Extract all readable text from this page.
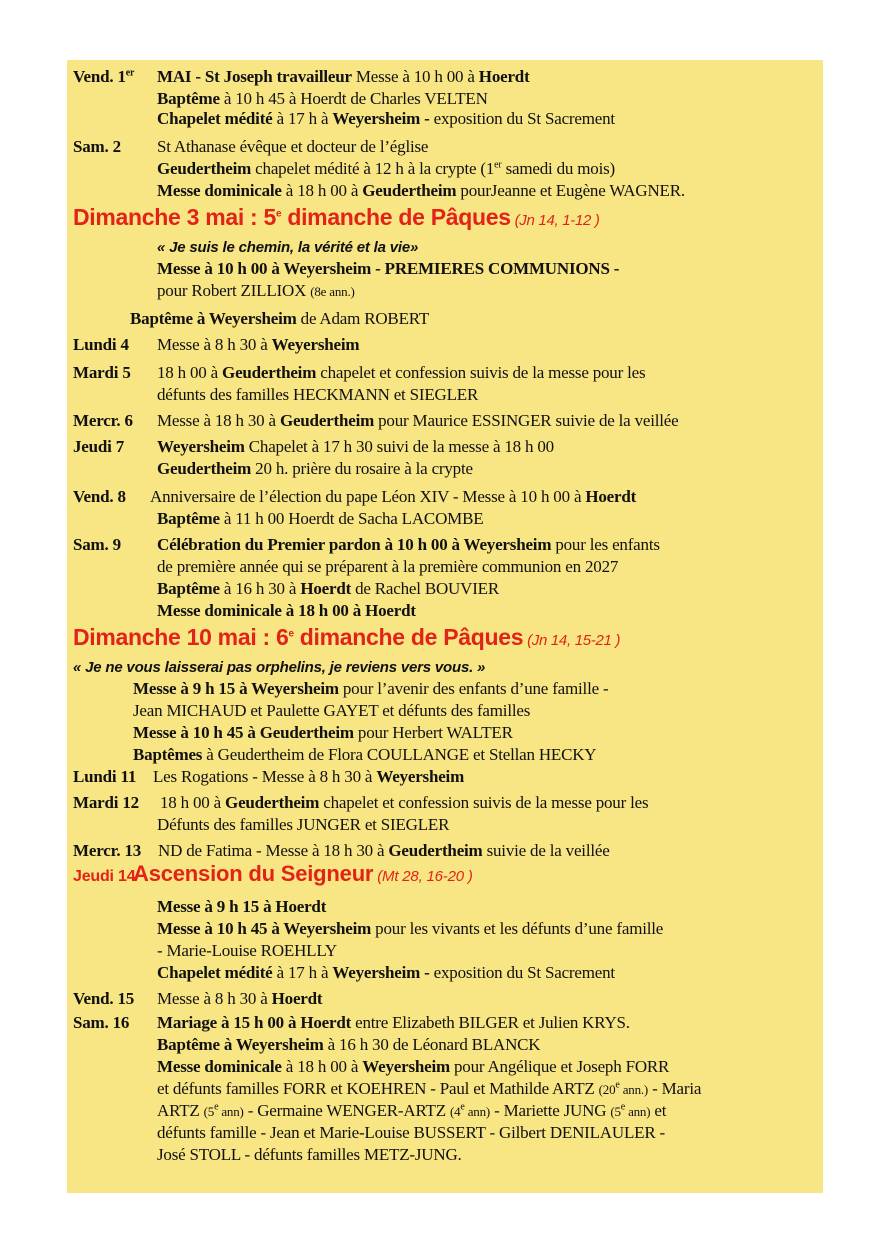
Vend. 1er MAI - St Joseph travailleur Messe à 10 h 00 à Hoerdt
Baptême à 10 h 45 à Hoerdt de Charles VELTEN
Chapelet médité à 17 h à Weyersheim - exposition du St Sacrement
Sam. 2 St Athanase évêque et docteur de l’église
Geudertheim chapelet médité à 12 h à la crypte (1er samedi du mois)
Messe dominicale à 18 h 00 à Geudertheim pourJeanne et Eugène WAGNER.
Dimanche 3 mai : 5e dimanche de Pâques (Jn 14, 1-12 )
« Je suis le chemin, la vérité et la vie»
Messe à 10 h 00 à Weyersheim - PREMIERES COMMUNIONS -
pour Robert ZILLIOX (8e ann.)
Baptême à Weyersheim de Adam ROBERT
Lundi 4 Messe à 8 h 30 à Weyersheim
Mardi 5 18 h 00 à Geudertheim chapelet et confession suivis de la messe pour les
défunts des familles HECKMANN et SIEGLER
Mercr. 6 Messe à 18 h 30 à Geudertheim pour Maurice ESSINGER suivie de la veillée
Jeudi 7 Weyersheim Chapelet à 17 h 30 suivi de la messe à 18 h 00
Geudertheim 20 h. prière du rosaire à la crypte
Vend. 8 Anniversaire de l’élection du pape Léon XIV - Messe à 10 h 00 à Hoerdt
Baptême à 11 h 00 Hoerdt de Sacha LACOMBE
Sam. 9 Célébration du Premier pardon à 10 h 00 à Weyersheim pour les enfants
de première année qui se préparent à la première communion en 2027
Baptême à 16 h 30 à Hoerdt de Rachel BOUVIER
Messe dominicale à 18 h 00 à Hoerdt
Dimanche 10 mai : 6e dimanche de Pâques (Jn 14, 15-21 )
« Je ne vous laisserai pas orphelins, je reviens vers vous. »
Messe à 9 h 15 à Weyersheim pour l’avenir des enfants d’une famille -
Jean MICHAUD et Paulette GAYET et défunts des familles
Messe à 10 h 45 à Geudertheim pour Herbert WALTER
Baptêmes à Geudertheim de Flora COULLANGE et Stellan HECKY
Lundi 11 Les Rogations - Messe à 8 h 30 à Weyersheim
Mardi 12 18 h 00 à Geudertheim chapelet et confession suivis de la messe pour les
Défunts des familles JUNGER et SIEGLER
Mercr. 13 ND de Fatima - Messe à 18 h 30 à Geudertheim suivie de la veillée
Jeudi 14
Ascension du Seigneur (Mt 28, 16-20 )
Messe à 9 h 15 à Hoerdt
Messe à 10 h 45 à Weyersheim pour les vivants et les défunts d’une famille
- Marie-Louise ROEHLLY
Chapelet médité à 17 h à Weyersheim - exposition du St Sacrement
Vend. 15 Messe à 8 h 30 à Hoerdt
Sam. 16 Mariage à 15 h 00 à Hoerdt entre Elizabeth BILGER et Julien KRYS.
Baptême à Weyersheim à 16 h 30 de Léonard BLANCK
Messe dominicale à 18 h 00 à Weyersheim pour Angélique et Joseph FORR
et défunts familles FORR et KOEHREN - Paul et Mathilde ARTZ (20e ann.) - Maria
ARTZ (5e ann) - Germaine WENGER-ARTZ (4e ann) - Mariette JUNG (5e ann) et
défunts famille - Jean et Marie-Louise BUSSERT - Gilbert DENILAULER -
José STOLL - défunts familles METZ-JUNG.
